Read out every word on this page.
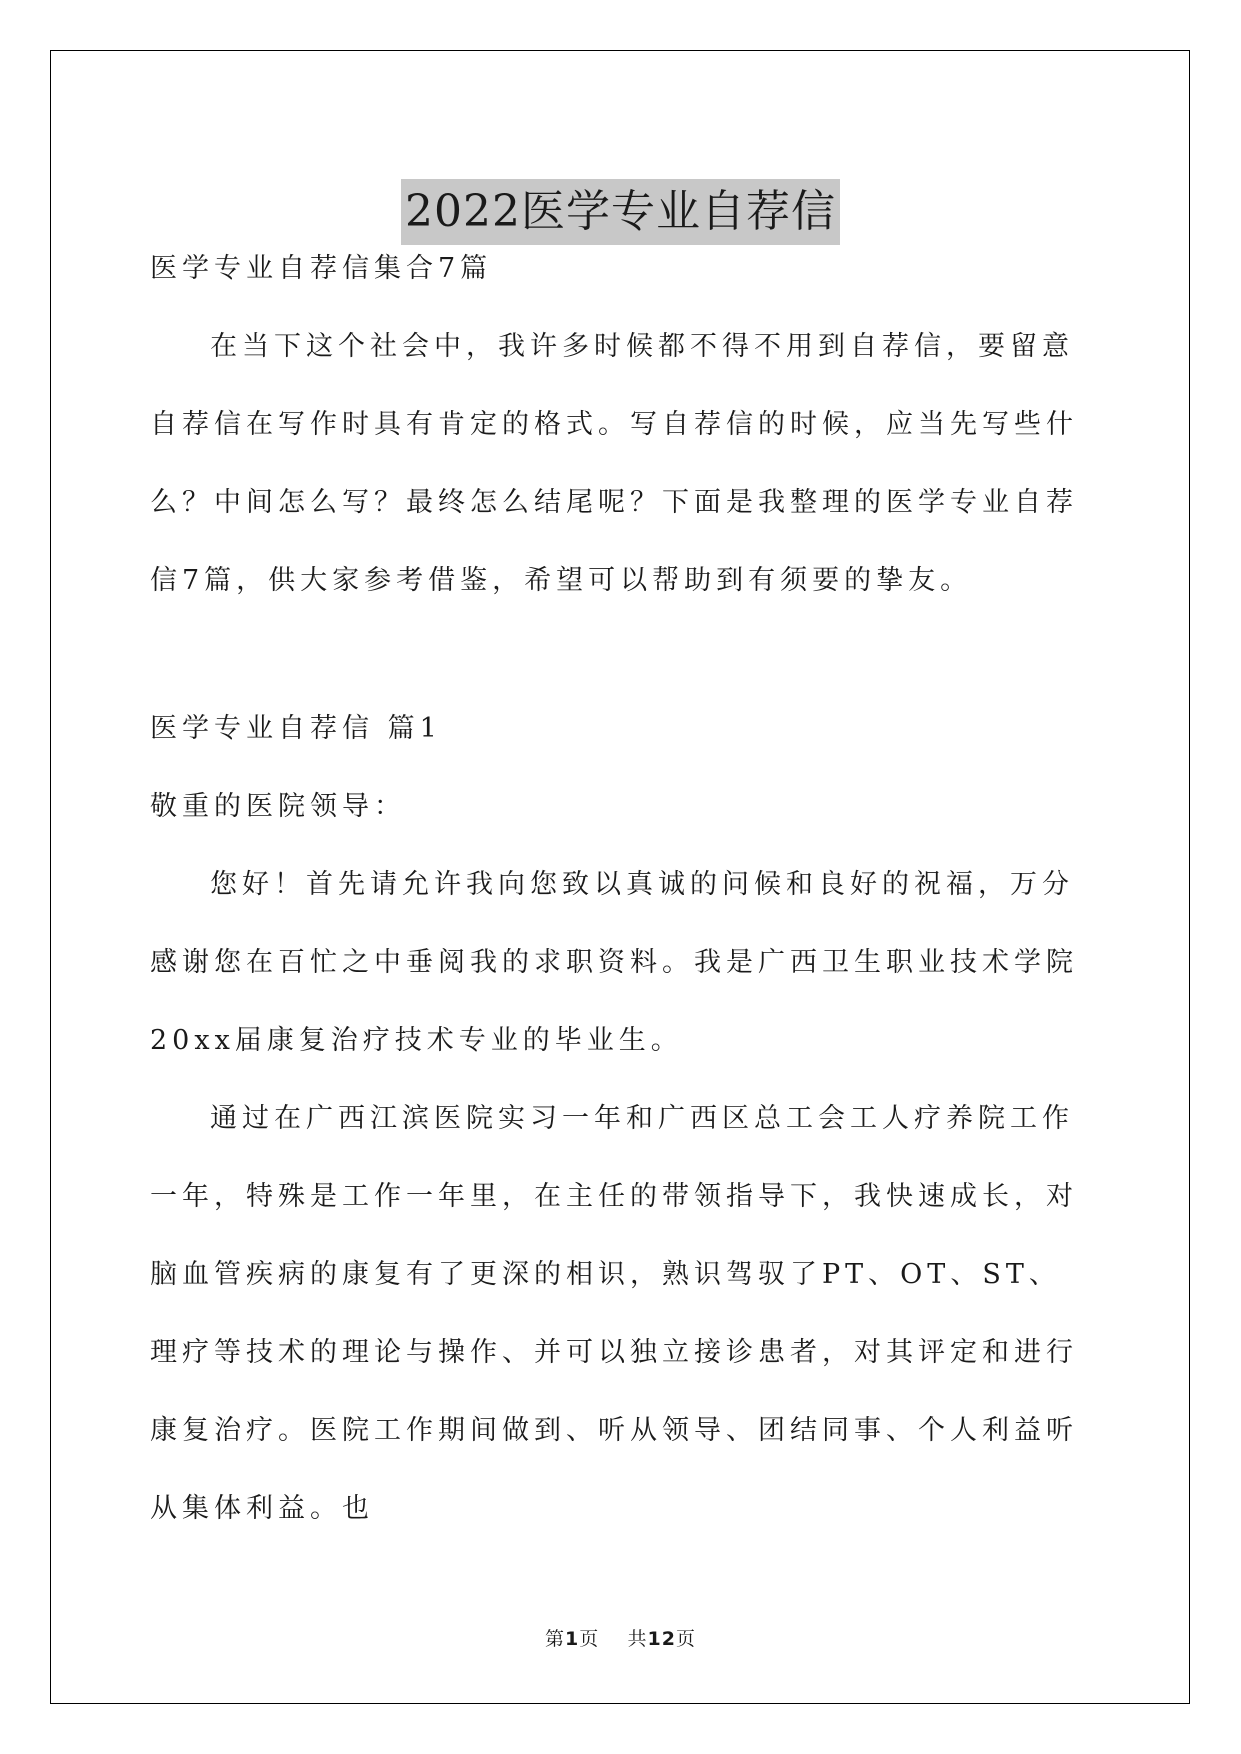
2022医学专业自荐信

医学专业自荐信集合7篇

在当下这个社会中，我许多时候都不得不用到自荐信，要留意自荐信在写作时具有肯定的格式。写自荐信的时候，应当先写些什么？中间怎么写？最终怎么结尾呢？下面是我整理的医学专业自荐信7篇，供大家参考借鉴，希望可以帮助到有须要的挚友。

医学专业自荐信 篇1

敬重的医院领导：

您好！首先请允许我向您致以真诚的问候和良好的祝福，万分感谢您在百忙之中垂阅我的求职资料。我是广西卫生职业技术学院20xx届康复治疗技术专业的毕业生。

通过在广西江滨医院实习一年和广西区总工会工人疗养院工作一年，特殊是工作一年里，在主任的带领指导下，我快速成长，对脑血管疾病的康复有了更深的相识，熟识驾驭了PT、OT、ST、理疗等技术的理论与操作、并可以独立接诊患者，对其评定和进行康复治疗。医院工作期间做到、听从领导、团结同事、个人利益听从集体利益。也

第1页 共12页
